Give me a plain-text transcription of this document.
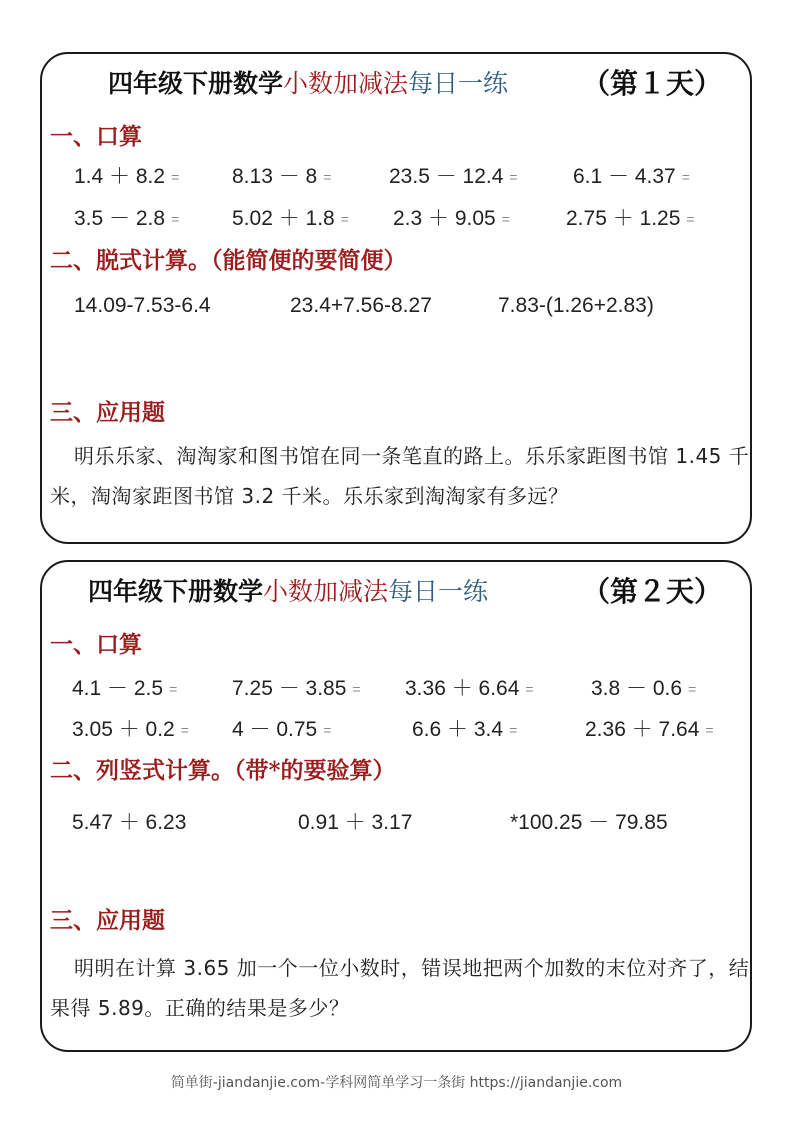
四年级下册数学小数加减法每日一练	（第１天）
一、口算
1.4 ＋ 8.2 =	8.13 － 8 =	23.5 － 12.4 =	6.1 － 4.37 =
3.5 － 2.8 =	5.02 ＋ 1.8 = 2.3 ＋ 9.05 =	2.75 ＋ 1.25 =
二、脱式计算。（能简便的要简便）
14.09-7.53-6.4	23.4+7.56-8.27	7.83-(1.26+2.83)
三、应用题
明乐乐家、淘淘家和图书馆在同一条笔直的路上。乐乐家距图书馆 1.45 千米，淘淘家距图书馆 3.2 千米。乐乐家到淘淘家有多远？
四年级下册数学小数加减法每日一练	（第２天）
一、口算
4.1 － 2.5 =	7.25 － 3.85 = 3.36 ＋ 6.64 =	3.8 － 0.6 =
3.05 ＋ 0.2 = 4 － 0.75 =	6.6 ＋ 3.4 =	2.36 ＋ 7.64 =
二、列竖式计算。（带*的要验算）
5.47 ＋ 6.23	0.91 ＋ 3.17	*100.25 － 79.85
三、应用题
明明在计算 3.65 加一个一位小数时，错误地把两个加数的末位对齐了，结果得 5.89。正确的结果是多少？
简单街-jiandanjie.com-学科网简单学习一条街 https://jiandanjie.com
